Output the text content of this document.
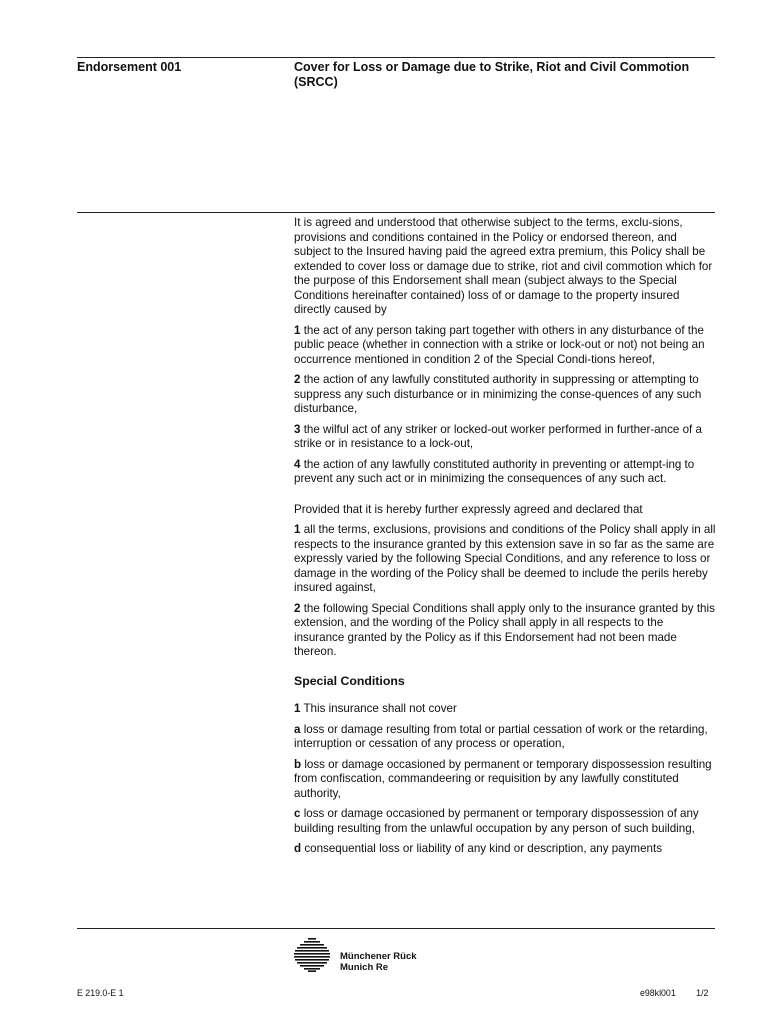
Endorsement 001	Cover for Loss or Damage due to Strike, Riot and Civil Commotion (SRCC)

It is agreed and understood that otherwise subject to the terms, exclu-sions, provisions and conditions contained in the Policy or endorsed thereon, and subject to the Insured having paid the agreed extra premium, this Policy shall be extended to cover loss or damage due to strike, riot and civil commotion which for the purpose of this Endorsement shall mean (subject always to the Special Conditions hereinafter contained) loss of or damage to the property insured directly caused by

1 the act of any person taking part together with others in any disturbance of the public peace (whether in connection with a strike or lock-out or not) not being an occurrence mentioned in condition 2 of the Special Condi-tions hereof,

2 the action of any lawfully constituted authority in suppressing or attempting to suppress any such disturbance or in minimizing the conse-quences of any such disturbance,

3 the wilful act of any striker or locked-out worker performed in further-ance of a strike or in resistance to a lock-out,

4 the action of any lawfully constituted authority in preventing or attempt-ing to prevent any such act or in minimizing the consequences of any such act.

Provided that it is hereby further expressly agreed and declared that

1 all the terms, exclusions, provisions and conditions of the Policy shall apply in all respects to the insurance granted by this extension save in so far as the same are expressly varied by the following Special Conditions, and any reference to loss or damage in the wording of the Policy shall be deemed to include the perils hereby insured against,

2 the following Special Conditions shall apply only to the insurance granted by this extension, and the wording of the Policy shall apply in all respects to the insurance granted by the Policy as if this Endorsement had not been made thereon.

Special Conditions

1 This insurance shall not cover

a loss or damage resulting from total or partial cessation of work or the retarding, interruption or cessation of any process or operation,

b loss or damage occasioned by permanent or temporary dispossession resulting from confiscation, commandeering or requisition by any lawfully constituted authority,

c loss or damage occasioned by permanent or temporary dispossession of any building resulting from the unlawful occupation by any person of such building,

d consequential loss or liability of any kind or description, any payments

Münchener Rück
Munich Re
E 219.0-E 1	e98kl001 1/2
